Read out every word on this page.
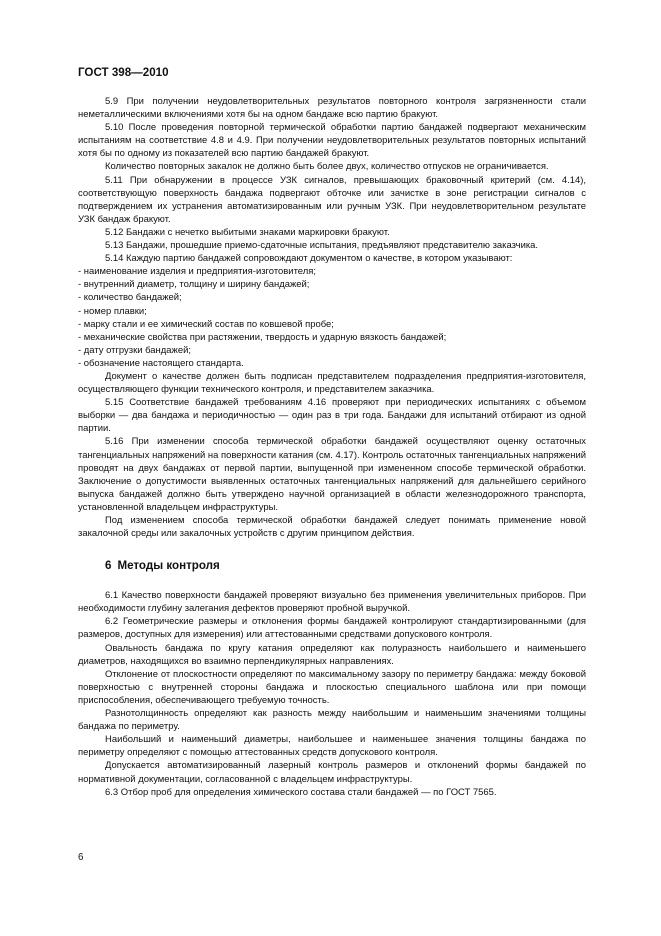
ГОСТ 398—2010

5.9 При получении неудовлетворительных результатов повторного контроля загрязненности стали неметаллическими включениями хотя бы на одном бандаже всю партию бракуют.

5.10 После проведения повторной термической обработки партию бандажей подвергают механическим испытаниям на соответствие 4.8 и 4.9. При получении неудовлетворительных результатов повторных испытаний хотя бы по одному из показателей всю партию бандажей бракуют.

Количество повторных закалок не должно быть более двух, количество отпусков не ограничивается.

5.11 При обнаружении в процессе УЗК сигналов, превышающих браковочный критерий (см. 4.14), соответствующую поверхность бандажа подвергают обточке или зачистке в зоне регистрации сигналов с подтверждением их устранения автоматизированным или ручным УЗК. При неудовлетворительном результате УЗК бандаж бракуют.

5.12 Бандажи с нечетко выбитыми знаками маркировки бракуют.

5.13 Бандажи, прошедшие приемо-сдаточные испытания, предъявляют представителю заказчика.

5.14 Каждую партию бандажей сопровождают документом о качестве, в котором указывают:

- наименование изделия и предприятия-изготовителя;

- внутренний диаметр, толщину и ширину бандажей;

- количество бандажей;

- номер плавки;

- марку стали и ее химический состав по ковшевой пробе;

- механические свойства при растяжении, твердость и ударную вязкость бандажей;

- дату отгрузки бандажей;

- обозначение настоящего стандарта.

Документ о качестве должен быть подписан представителем подразделения предприятия-изготовителя, осуществляющего функции технического контроля, и представителем заказчика.

5.15 Соответствие бандажей требованиям 4.16 проверяют при периодических испытаниях с объемом выборки — два бандажа и периодичностью — один раз в три года. Бандажи для испытаний отбирают из одной партии.

5.16 При изменении способа термической обработки бандажей осуществляют оценку остаточных тангенциальных напряжений на поверхности катания (см. 4.17). Контроль остаточных тангенциальных напряжений проводят на двух бандажах от первой партии, выпущенной при измененном способе термической обработки. Заключение о допустимости выявленных остаточных тангенциальных напряжений для дальнейшего серийного выпуска бандажей должно быть утверждено научной организацией в области железнодорожного транспорта, установленной владельцем инфраструктуры.

Под изменением способа термической обработки бандажей следует понимать применение новой закалочной среды или закалочных устройств с другим принципом действия.

6 Методы контроля

6.1 Качество поверхности бандажей проверяют визуально без применения увеличительных приборов. При необходимости глубину залегания дефектов проверяют пробной выручкой.

6.2 Геометрические размеры и отклонения формы бандажей контролируют стандартизированными (для размеров, доступных для измерения) или аттестованными средствами допускового контроля.

Овальность бандажа по кругу катания определяют как полуразность наибольшего и наименьшего диаметров, находящихся во взаимно перпендикулярных направлениях.

Отклонение от плоскостности определяют по максимальному зазору по периметру бандажа: между боковой поверхностью с внутренней стороны бандажа и плоскостью специального шаблона или при помощи приспособления, обеспечивающего требуемую точность.

Разнотолщинность определяют как разность между наибольшим и наименьшим значениями толщины бандажа по периметру.

Наибольший и наименьший диаметры, наибольшее и наименьшее значения толщины бандажа по периметру определяют с помощью аттестованных средств допускового контроля.

Допускается автоматизированный лазерный контроль размеров и отклонений формы бандажей по нормативной документации, согласованной с владельцем инфраструктуры.

6.3 Отбор проб для определения химического состава стали бандажей — по ГОСТ 7565.

6
